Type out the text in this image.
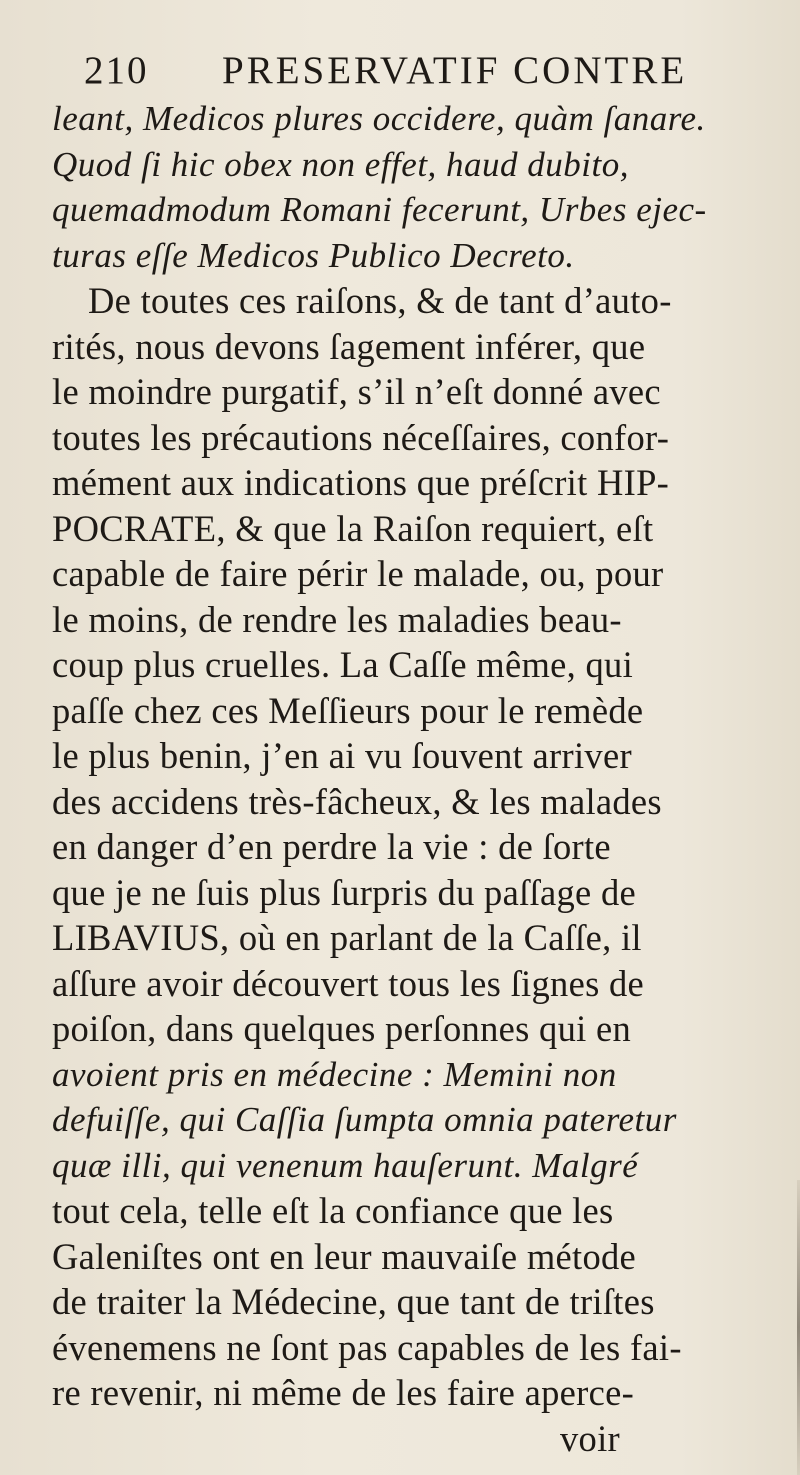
210 PRESERVATIF CONTRE
leant, Medicos plures occidere, quàm ſanare.
Quod ſi hic obex non effet, haud dubito,
quemadmodum Romani fecerunt, Urbes ejec-
turas eſſe Medicos Publico Decreto.
De toutes ces raiſons, & de tant d’auto-
rités, nous devons ſagement inférer, que
le moindre purgatif, s’il n’eſt donné avec
toutes les précautions néceſſaires, confor-
mément aux indications que préſcrit HIP-
POCRATE, & que la Raiſon requiert, eſt
capable de faire périr le malade, ou, pour
le moins, de rendre les maladies beau-
coup plus cruelles. La Caſſe même, qui
paſſe chez ces Meſſieurs pour le remède
le plus benin, j’en ai vu ſouvent arriver
des accidens très-fâcheux, & les malades
en danger d’en perdre la vie : de ſorte
que je ne ſuis plus ſurpris du paſſage de
LIBAVIUS, où en parlant de la Caſſe, il
aſſure avoir découvert tous les ſignes de
poiſon, dans quelques perſonnes qui en
avoient pris en médecine : Memini non
defuiſſe, qui Caſſia ſumpta omnia pateretur
quæ illi, qui venenum hauſerunt. Malgré
tout cela, telle eſt la confiance que les
Galeniſtes ont en leur mauvaiſe métode
de traiter la Médecine, que tant de triſtes
évenemens ne ſont pas capables de les fai-
re revenir, ni même de les faire aperce-
voir
